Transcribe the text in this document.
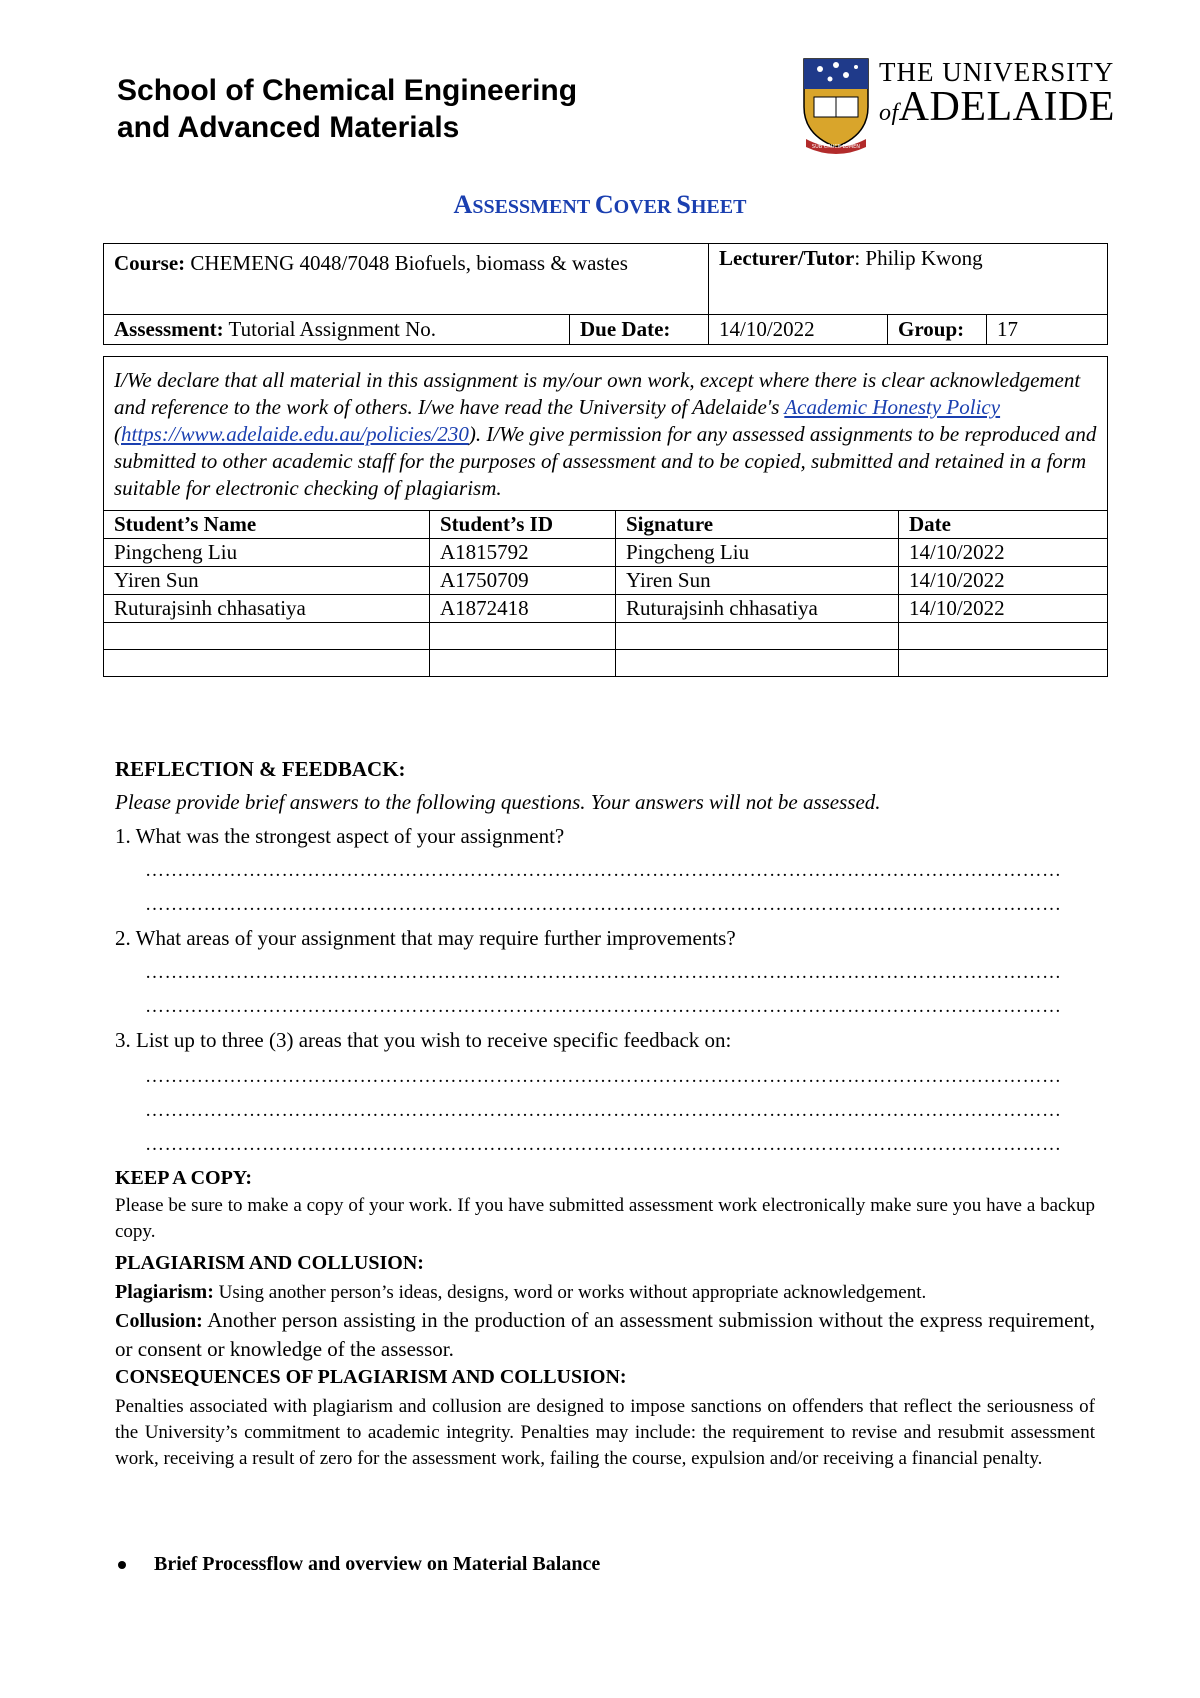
School of Chemical Engineering
and Advanced Materials
SUB CRUCE LUMEN
THE UNIVERSITY
ofADELAIDE
ASSESSMENT COVER SHEET
Course: CHEMENG 4048/7048 Biofuels, biomass & wastes		Lecturer/Tutor: Philip Kwong		
Assessment: Tutorial Assignment No.	Due Date:	14/10/2022	Group:	17
I/We declare that all material in this assignment is my/our own work, except where there is clear acknowledgement and reference to the work of others. I/we have read the University of Adelaide's Academic Honesty Policy (https://www.adelaide.edu.au/policies/230). I/We give permission for any assessed assignments to be reproduced and submitted to other academic staff for the purposes of assessment and to be copied, submitted and retained in a form suitable for electronic checking of plagiarism.			
Student’s Name	Student’s ID	Signature	Date
Pingcheng Liu	A1815792	Pingcheng Liu	14/10/2022
Yiren Sun	A1750709	Yiren Sun	14/10/2022
Ruturajsinh chhasatiya	A1872418	Ruturajsinh chhasatiya	14/10/2022

REFLECTION & FEEDBACK:
Please provide brief answers to the following questions. Your answers will not be assessed.
1. What was the strongest aspect of your assignment?
……………………………………………………………………………………………………………………………
……………………………………………………………………………………………………………………………
2. What areas of your assignment that may require further improvements?
……………………………………………………………………………………………………………………………
……………………………………………………………………………………………………………………………
3. List up to three (3) areas that you wish to receive specific feedback on:
……………………………………………………………………………………………………………………………
……………………………………………………………………………………………………………………………
……………………………………………………………………………………………………………………………
KEEP A COPY:
Please be sure to make a copy of your work. If you have submitted assessment work electronically make sure you have a backup copy.
PLAGIARISM AND COLLUSION:
Plagiarism: Using another person’s ideas, designs, word or works without appropriate acknowledgement.
Collusion: Another person assisting in the production of an assessment submission without the express requirement, or consent or knowledge of the assessor.
CONSEQUENCES OF PLAGIARISM AND COLLUSION:
Penalties associated with plagiarism and collusion are designed to impose sanctions on offenders that reflect the seriousness of the University’s commitment to academic integrity. Penalties may include: the requirement to revise and resubmit assessment work, receiving a result of zero for the assessment work, failing the course, expulsion and/or receiving a financial penalty.
Brief Processflow and overview on Material Balance
